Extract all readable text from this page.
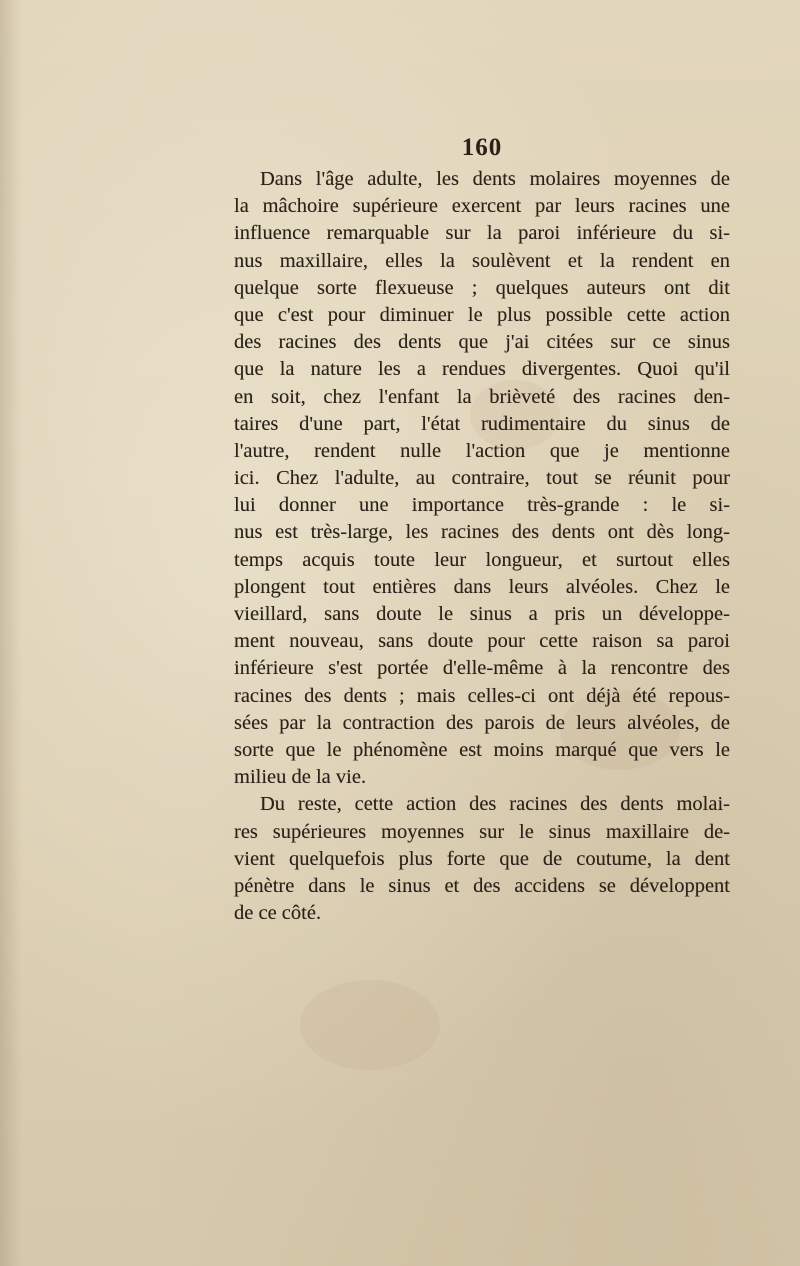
160
Dans l'âge adulte, les dents molaires moyennes de
la mâchoire supérieure exercent par leurs racines une
influence remarquable sur la paroi inférieure du si-
nus maxillaire, elles la soulèvent et la rendent en
quelque sorte flexueuse ; quelques auteurs ont dit
que c'est pour diminuer le plus possible cette action
des racines des dents que j'ai citées sur ce sinus
que la nature les a rendues divergentes. Quoi qu'il
en soit, chez l'enfant la brièveté des racines den-
taires d'une part, l'état rudimentaire du sinus de
l'autre, rendent nulle l'action que je mentionne
ici. Chez l'adulte, au contraire, tout se réunit pour
lui donner une importance très-grande : le si-
nus est très-large, les racines des dents ont dès long-
temps acquis toute leur longueur, et surtout elles
plongent tout entières dans leurs alvéoles. Chez le
vieillard, sans doute le sinus a pris un développe-
ment nouveau, sans doute pour cette raison sa paroi
inférieure s'est portée d'elle-même à la rencontre des
racines des dents ; mais celles-ci ont déjà été repous-
sées par la contraction des parois de leurs alvéoles, de
sorte que le phénomène est moins marqué que vers le
milieu de la vie.
Du reste, cette action des racines des dents molai-
res supérieures moyennes sur le sinus maxillaire de-
vient quelquefois plus forte que de coutume, la dent
pénètre dans le sinus et des accidens se développent
de ce côté.
